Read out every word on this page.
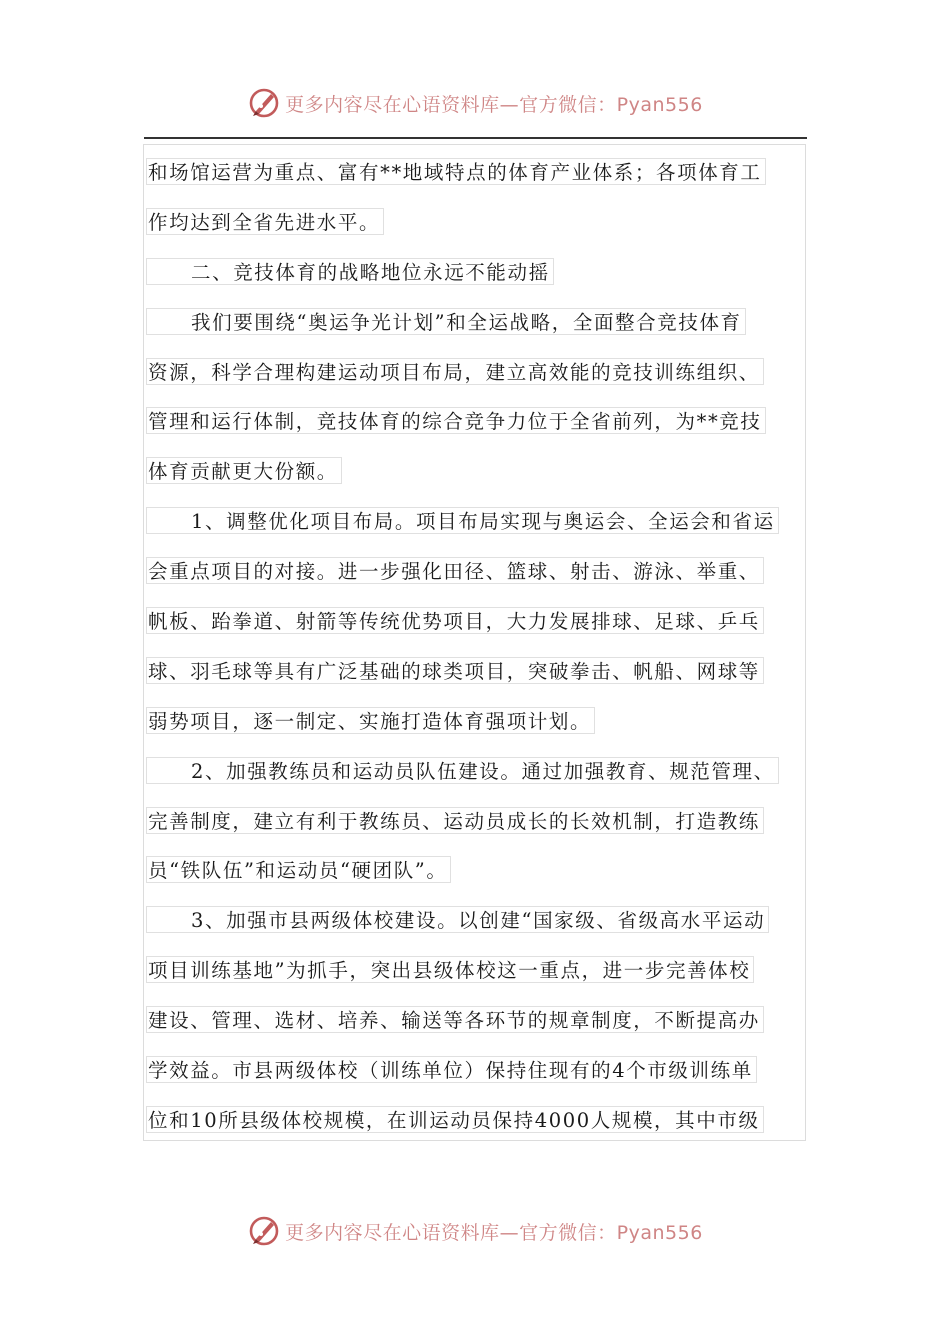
更多内容尽在心语资料库—官方微信：Pyan556
和场馆运营为重点、富有**地域特点的体育产业体系；各项体育工
作均达到全省先进水平。
二、竞技体育的战略地位永远不能动摇
我们要围绕“奥运争光计划”和全运战略，全面整合竞技体育
资源，科学合理构建运动项目布局，建立高效能的竞技训练组织、
管理和运行体制，竞技体育的综合竞争力位于全省前列，为**竞技
体育贡献更大份额。
1、调整优化项目布局。项目布局实现与奥运会、全运会和省运
会重点项目的对接。进一步强化田径、篮球、射击、游泳、举重、
帆板、跆拳道、射箭等传统优势项目，大力发展排球、足球、乒乓
球、羽毛球等具有广泛基础的球类项目，突破拳击、帆船、网球等
弱势项目，逐一制定、实施打造体育强项计划。
2、加强教练员和运动员队伍建设。通过加强教育、规范管理、
完善制度，建立有利于教练员、运动员成长的长效机制，打造教练
员“铁队伍”和运动员“硬团队”。
3、加强市县两级体校建设。以创建“国家级、省级高水平运动
项目训练基地”为抓手，突出县级体校这一重点，进一步完善体校
建设、管理、选材、培养、输送等各环节的规章制度，不断提高办
学效益。市县两级体校（训练单位）保持住现有的4个市级训练单
位和10所县级体校规模，在训运动员保持4000人规模，其中市级
更多内容尽在心语资料库—官方微信：Pyan556
